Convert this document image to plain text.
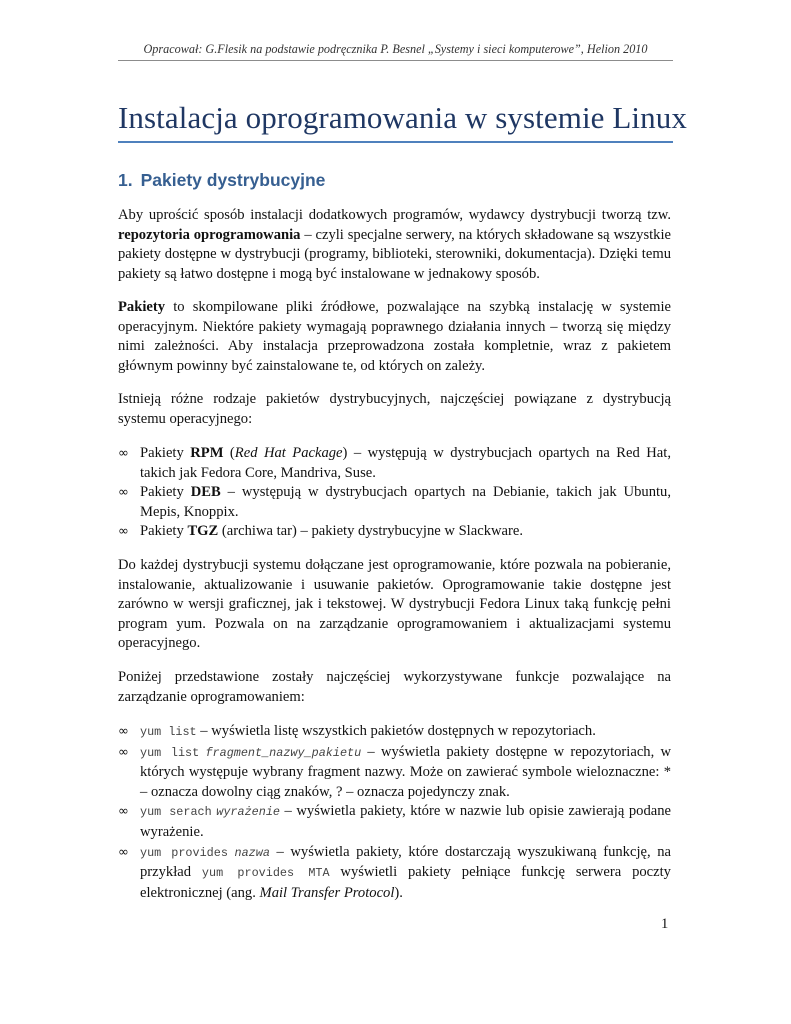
Opracował: G.Flesik na podstawie podręcznika P. Besnel „Systemy i sieci komputerowe”, Helion 2010
Instalacja oprogramowania w systemie Linux
1. Pakiety dystrybucyjne

Aby uprościć sposób instalacji dodatkowych programów, wydawcy dystrybucji tworzą tzw. repozytoria oprogramowania – czyli specjalne serwery, na których składowane są wszystkie pakiety dostępne w dystrybucji (programy, biblioteki, sterowniki, dokumentacja). Dzięki temu pakiety są łatwo dostępne i mogą być instalowane w jednakowy sposób.

Pakiety to skompilowane pliki źródłowe, pozwalające na szybką instalację w systemie operacyjnym. Niektóre pakiety wymagają poprawnego działania innych – tworzą się między nimi zależności. Aby instalacja przeprowadzona została kompletnie, wraz z pakietem głównym powinny być zainstalowane te, od których on zależy.

Istnieją różne rodzaje pakietów dystrybucyjnych, najczęściej powiązane z dystrybucją systemu operacyjnego:

∞ Pakiety RPM (Red Hat Package) – występują w dystrybucjach opartych na Red Hat, takich jak Fedora Core, Mandriva, Suse.
∞ Pakiety DEB – występują w dystrybucjach opartych na Debianie, takich jak Ubuntu, Mepis, Knoppix.
∞ Pakiety TGZ (archiwa tar) – pakiety dystrybucyjne w Slackware.

Do każdej dystrybucji systemu dołączane jest oprogramowanie, które pozwala na pobieranie, instalowanie, aktualizowanie i usuwanie pakietów. Oprogramowanie takie dostępne jest zarówno w wersji graficznej, jak i tekstowej. W dystrybucji Fedora Linux taką funkcję pełni program yum. Pozwala on na zarządzanie oprogramowaniem i aktualizacjami systemu operacyjnego.

Poniżej przedstawione zostały najczęściej wykorzystywane funkcje pozwalające na zarządzanie oprogramowaniem:

∞ yum list – wyświetla listę wszystkich pakietów dostępnych w repozytoriach.
∞ yum list fragment_nazwy_pakietu – wyświetla pakiety dostępne w repozytoriach, w których występuje wybrany fragment nazwy. Może on zawierać symbole wieloznaczne: * – oznacza dowolny ciąg znaków, ? – oznacza pojedynczy znak.
∞ yum serach wyrażenie – wyświetla pakiety, które w nazwie lub opisie zawierają podane wyrażenie.
∞ yum provides nazwa – wyświetla pakiety, które dostarczają wyszukiwaną funkcję, na przykład yum provides MTA wyświetli pakiety pełniące funkcję serwera poczty elektronicznej (ang. Mail Transfer Protocol).
1
